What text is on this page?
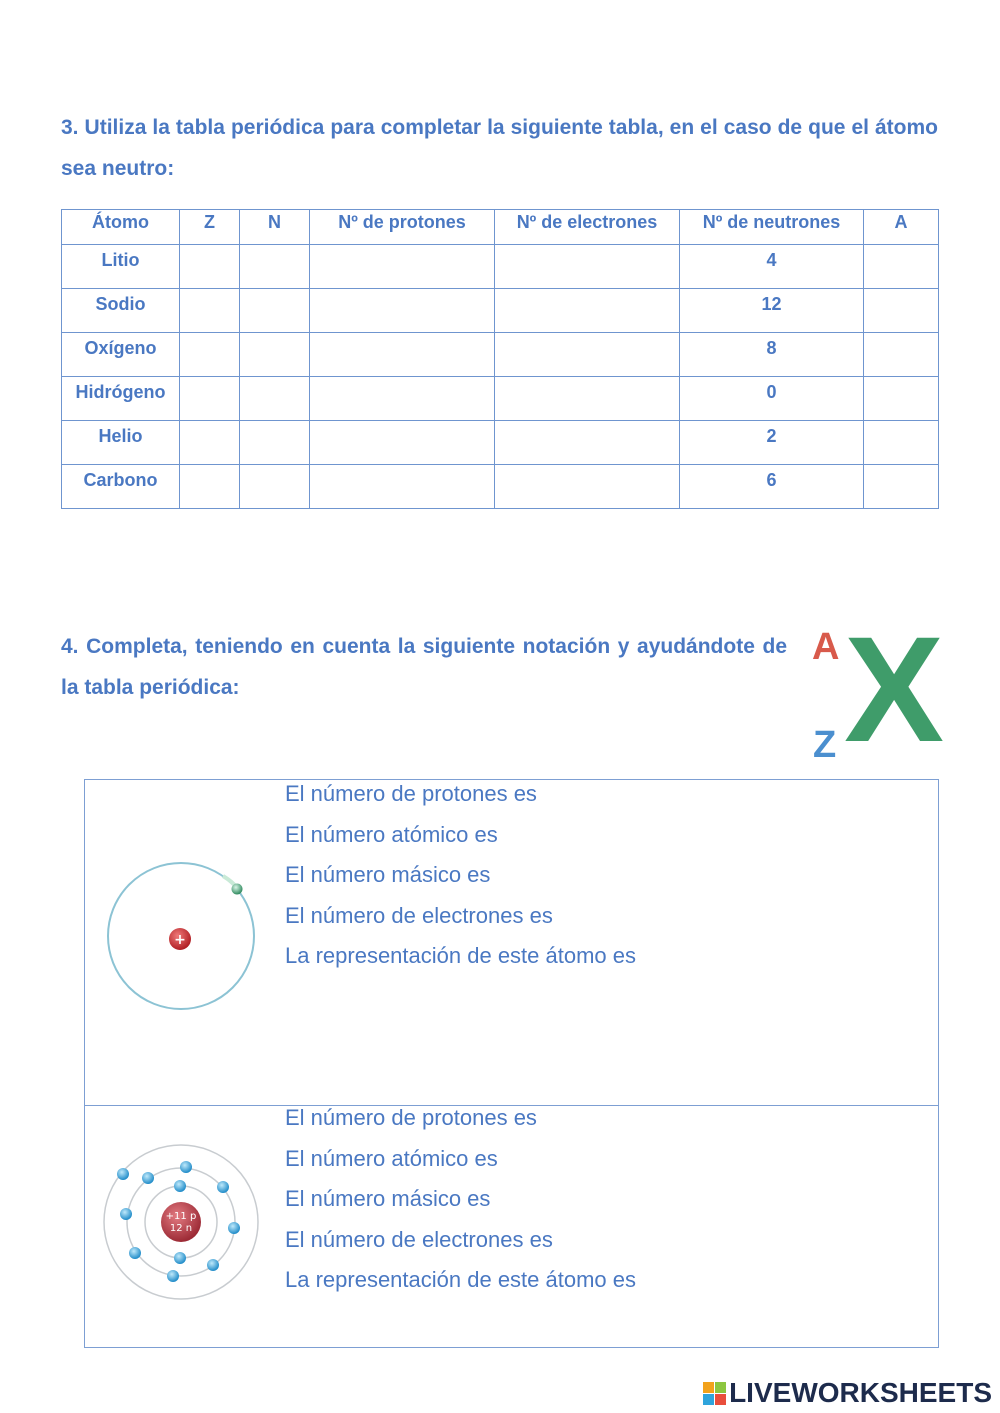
3. Utiliza la tabla periódica para completar la siguiente tabla, en el caso de que el átomo sea neutro:
Átomo	Z	N	Nº de protones	Nº de electrones	Nº de neutrones	A
Litio					4	
Sodio					12	
Oxígeno					8	
Hidrógeno					0	
Helio					2	
Carbono					6	
4. Completa, teniendo en cuenta la siguiente notación y ayudándote de la tabla periódica:
A X
Z
+
El número de protones es
El número atómico es
El número másico es
El número de electrones es
La representación de este átomo es
+11 p
12 n
El número de protones es
El número atómico es
El número másico es
El número de electrones es
La representación de este átomo es
LIVEWORKSHEETS
